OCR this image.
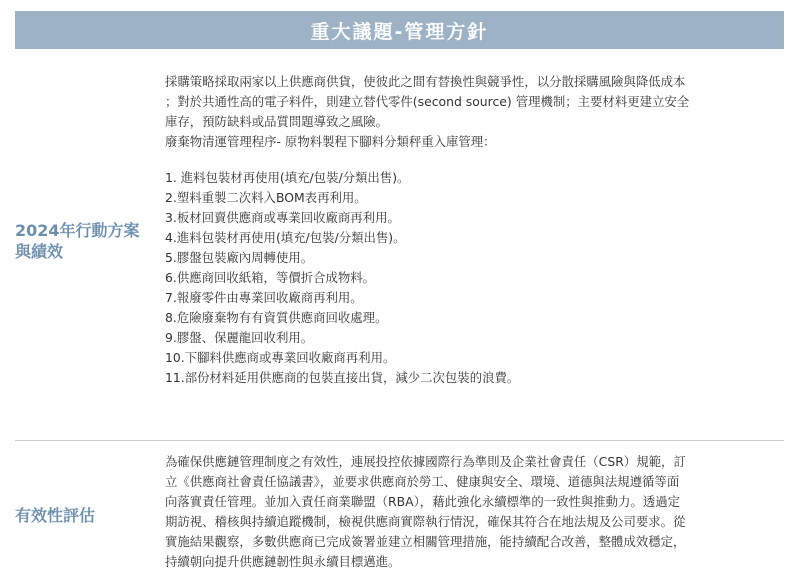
重大議題-管理方針
2024年行動方案與績效

採購策略採取兩家以上供應商供貨，使彼此之間有替換性與競爭性，以分散採購風險與降低成本

；對於共通性高的電子料件，則建立替代零件(second source) 管理機制；主要材料更建立安全

庫存，預防缺料或品質問題導致之風險。

廢棄物清運管理程序- 原物料製程下腳料分類秤重入庫管理：

1. 進料包裝材再使用(填充/包裝/分類出售)。

2.塑料重製二次料入BOM表再利用。

3.板材回賣供應商或專業回收廠商再利用。

4.進料包裝材再使用(填充/包裝/分類出售)。

5.膠盤包裝廠內周轉使用。

6.供應商回收紙箱，等價折合成物料。

7.報廢零件由專業回收廠商再利用。

8.危險廢棄物有有資質供應商回收處理。

9.膠盤、保麗龍回收利用。

10.下腳料供應商或專業回收廠商再利用。

11.部份材料延用供應商的包裝直接出貨，減少二次包裝的浪費。

有效性評估

為確保供應鏈管理制度之有效性，連展投控依據國際行為準則及企業社會責任（CSR）規範，訂

立《供應商社會責任協議書》，並要求供應商於勞工、健康與安全、環境、道德與法規遵循等面

向落實責任管理。並加入責任商業聯盟（RBA），藉此強化永續標準的一致性與推動力。透過定

期訪視、稽核與持續追蹤機制，檢視供應商實際執行情況，確保其符合在地法規及公司要求。從

實施結果觀察，多數供應商已完成簽署並建立相關管理措施，能持續配合改善，整體成效穩定，

持續朝向提升供應鏈韌性與永續目標邁進。
